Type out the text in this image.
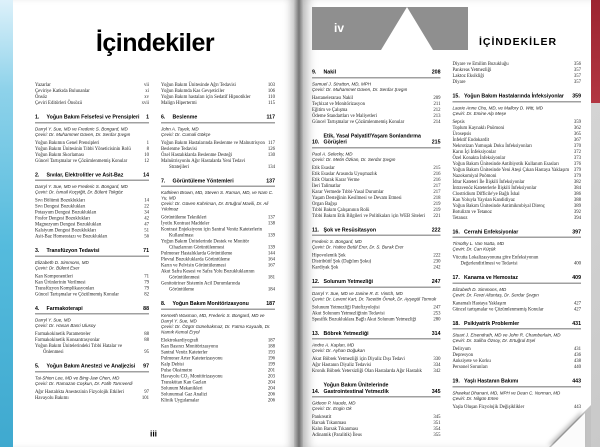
İçindekiler
Yazarlar	vii
Çeviriye Katkıda Bulunanlar	xi
Önsöz	xv
Çeviri Editörleri Önsözü	xvii
1. Yoğun Bakım Felsefesi ve Prensipleri 1
Darryl Y. Sue, MD ve Frederic S. Bongard, MD
Çeviri: Dr. Muhammet Güven, Dr. Serdar Şıvgın
Yoğun Bakımın Genel Prensipleri	1
Yoğun Bakım Ünitesinin Tıbbi Yöneticisinin Rolü	8
Yoğun Bakım Skorlaması	10
Güncel Tartışmalar ve Çözümlenmemiş Konular	12
2. Sıvılar, Elektrolitler ve Asit-Baz	14
Darryl Y. Sue, MD ve Frederic S. Bongard, MD
Çeviri: Dr. İsmail Koçyiğit, Dr. Bülent Tokgöz
Sıvı Bölümü Bozuklukları	14
Sıvı Dengesi Bozuklukları	22
Potasyum Dengesi Bozuklukları	34
Fosfor Dengesi Bozuklukları	42
Magnezyum Dengesi Bozuklukları	47
Kalsiyum Dengesi Bozuklukları	51
Asit-Baz Homeostazı ve Bozuklukları	56
3. Transfüzyon Tedavisi	71
Elizabeth D. Simmons, MD
Çeviri: Dr. Bülent Eser
Kan Komponentleri	71
Kan Ürünlerinin Verilmesi	79
Transfüzyon Komplikasyonları	79
Güncel Tartışmalar ve Çözülmemiş Konular	82
4. Farmakoterapi	88
Darryl Y. Sue, MD
Çeviri: Dr. Hasan Basri Ulusoy
Farmakokinetik Parametreler	88
Farmakokinetik Konsantrasyonlar	88
Yoğun Bakım Ünitelerindeki Tıbbi Hatalar ve Önlenmesi	95
5. Yoğun Bakım Anestezi ve Analjezisi 97
Tai-Shion Lee, MD ve Bing-Jaw Chen, MD
Çeviri: Dr. Ramazan Coşkun, Dr. Fatih Tanrıverdi
Ağır Hastalıkta Anestezinin Fizyolojik Etkileri	97
Havayolu Bakımı	101
Yoğun Bakım Ünitesinde Ağrı Tedavisi	103
Yoğun Bakımda Kas Gevşeticiler	106
Yoğun Bakım hastaları için Sedatif Hipnotikler	110
Malign Hipertermi	115
6. Beslenme	117
John A. Tayek, MD
Çeviri: Dr. Cumali Gökçe
Yoğun Bakım Hastalarında Beslenme ve Malnutrisyon 117
Beslenme Tedavisi	126
Özel Hastalıklarda Beslenme Desteği	130
Malnütrisyonlu Ağır Hastalarda Yeni Tedavi Stratejileri	134
7. Görüntüleme Yöntemleri	137
Kathleen Brown, MD, Steven S. Raman, MD, ve Nam C. Yu, MD
Çeviri: Dr. Güven Kahriman, Dr. Ertuğrul Mavili, Dr. Ali Yıkılmaz
Görüntüleme Teknikleri	137
İyotlu Kontrast Maddeler	138
Kontrast Enjeksiyonu için Santral Venöz Kateterlerin Kullanılması	139
Yoğun Bakım Ünitelerinde Destek ve Monitör Cihazlarının Görüntülenmesi	139
Pulmoner Hastalıklarda Görüntüleme	144
Plevral Bozukluklarda Görüntüleme	164
Karın ve Pelvisin Görüntülenmesi	167
Akut Safra Kesesi ve Safra Yolu Bozukluklarının Görüntülenmesi	181
Genitoüriner Sistemin Acil Durumlarında Görüntüleme	184
8. Yoğun Bakım Monitörizasyonu	187
Kenneth Waxman, MD, Frederic S. Bongard, MD ve Darryl Y. Sue, MD
Çeviri: Dr. Özgür Günebakmaz, Dr. Fatma Kayaaltı, Dr. Namık Kemal Eryol
Elektrokardiyografi	187
Kan Basıncı Monitörizasyonu	188
Santral Venöz Kateterler	193
Pulmoner Arter Kateterizasyonu	196
Kalp Debisi	199
Pulse Oksimetre	201
Havayolu CO₂ Monitörizasyonu	203
Transkütan Kan Gazları	204
Solunum Mekanikleri	204
Solunumsal Gaz Analizi	206
Klinik Uygulamalar	206
iii
iv
İÇİNDEKİLER
9. Nakil	208
Samuel J. Stratton, MD, MPH
Çeviri: Dr. Muhammet Güven, Dr. Serdar Şıvgın
Hastanelerarası Nakil	209
Teçhizat ve Monitörizasyon	211
Eğitim ve Çalışma	212
Ödeme Standartları ve Maliyetleri	213
Güncel Tartışmalar ve Çözümlenmemiş Konular	214
10.
Etik, Yasal Palyatif/Yaşam Sonlandırma Görüşleri	215
Paul A. Selecky, MD
Çeviri: Dr. Metin Özkan, Dr. Serdar Şıvgın
Etik Esaslar	215
Etik Esaslar Arasında Uyuşmazlık	216
Etik Olarak Karar Verme	216
İleri Talimatlar	217
Karar Vermede Tıbbi-Yasal Durumlar	217
Yaşam Desteğinin Kesilmesi ve Devam Etmesi	218
Organ Bağışı	219
Tıbbi Bakım Çalışanının Rolü	219
Tıbbi Bakım Etik Bilgileri ve Politikaları için WEB Siteleri 221
11. Şok ve Resüsitasyon	222
Frederic S. Bongard, MD
Çeviri: Dr. Hatice Betül Erer, Dr. S. Burak Erer
Hipovolemik Şok	222
Distribütif Şok (Dağılım Şoku)	230
Kardiyak Şok	242
12. Solunum Yetmezliği	247
Darryl Y. Sue, MD ve Janine R. E. Vintch, MD
Çeviri: Dr. Levent Kart, Dr. Tacettin Örnek, Dr. Ayşegül Tomruk
Solunum Yetmezliği Patofizyolojisi	247
Akut Solunum Yetmezliğinin Tedavisi	253
Spesifik Bozukluklara Bağlı Akut Solunum Yetmezliği	280
13. Böbrek Yetmezliği	314
Andre A. Kaplan, MD
Çeviri: Dr. Ayhan Doğukan
Akut Böbrek Yetmezliği için Diyaliz Dışı Tedavi	330
Ağır Hastanın Diyaliz Tedavisi	334
Kronik Böbrek Yetersizliği Olan Hastalarda Ağır Hastalık	342
14.
Yoğun Bakım Ünitelerinde Gastrointestinal Yetmezlik	345
Gideon P. Naude, MD
Çeviri: Dr. Engin Ok
Pankreatit	345
Barsak Tıkanması	351
Kalın Barsak Tıkanması	354
Adinamik (Paralitik) İleus	355
Diyare ve Emilim Bozukluğu	356
Pankreas Yetmezliği	357
Laktoz Eksikliği	357
Diyare	357
15. Yoğun Bakım Hastalarında İnfeksiyonlar 359
Laurie Anne Chu, MD, ve Mallory D. Witt, MD
Çeviri: Dr. Emine Alp Meşe
Sepsis	359
Toplum Kaynaklı Pnömoni	362
Ürosepsis	365
İnfektif Endokardit	367
Nekrotizan Yumuşak Doku İnfeksiyonları	370
Karın İçi İnfeksiyonlar	372
Özel Konakta İnfeksiyonlar	373
Yoğun Bakım Ünitesinde Antibiyotik Kullanım Esasları	376
Yoğun Bakım Ünitesinde Yeni Ateşi Çıkan Hastaya Yaklaşım 379
Nazokomiyal Pnömoni	379
İdrar Kateteri İle İlişkili İnfeksiyonlar	382
İntravenöz Kateterlerle İlişkili İnfeksiyonlar	384
Clostridium Difficile'ye Bağlı İshal	386
Kan Yoluyla Yayılan Kandidiyaz	388
Yoğun Bakım Ünitesinde Antimikrobiyal Direnç	389
Botulizm ve Tetanoz	392
Tetanoz	394
16. Cerrahi Enfeksiyonlar	397
Timothy L. Van Natta, MD
Çeviri: Dr. Can Küçük
Vücutta Lokalizasyonuna göre Enfeksiyonun Değerlendirilmesi ve Tedavisi	400
17. Kanama ve Hemostaz	409
Elizabeth D. Simmons, MD
Çeviri: Dr. Fevzi Altuntaş, Dr. Serdar Şıvgın
Kanamalı Hastaya Yaklaşım	427
Güncel tartışmalar ve Çözümlenmemiş Konular	427
18. Psikiyatrik Problemler	431
Stuart J. Eisendrath, MD ve John R. Chamberlain, MD
Çeviri: Dr. Saliha Özsoy, Dr. Ertuğrul Eşel
Deliryum	431
Depresyon	436
Anksiyete ve Korku	438
Personel Sorunları	440
19. Yaşlı Hastanın Bakımı	443
Shawkat Dhanani, MD, MPH ve Dean C. Norman, MD
Çeviri: Dr. Nilgün Erten
Yaşla Oluşan Fizyolojik Değişiklikler	443
